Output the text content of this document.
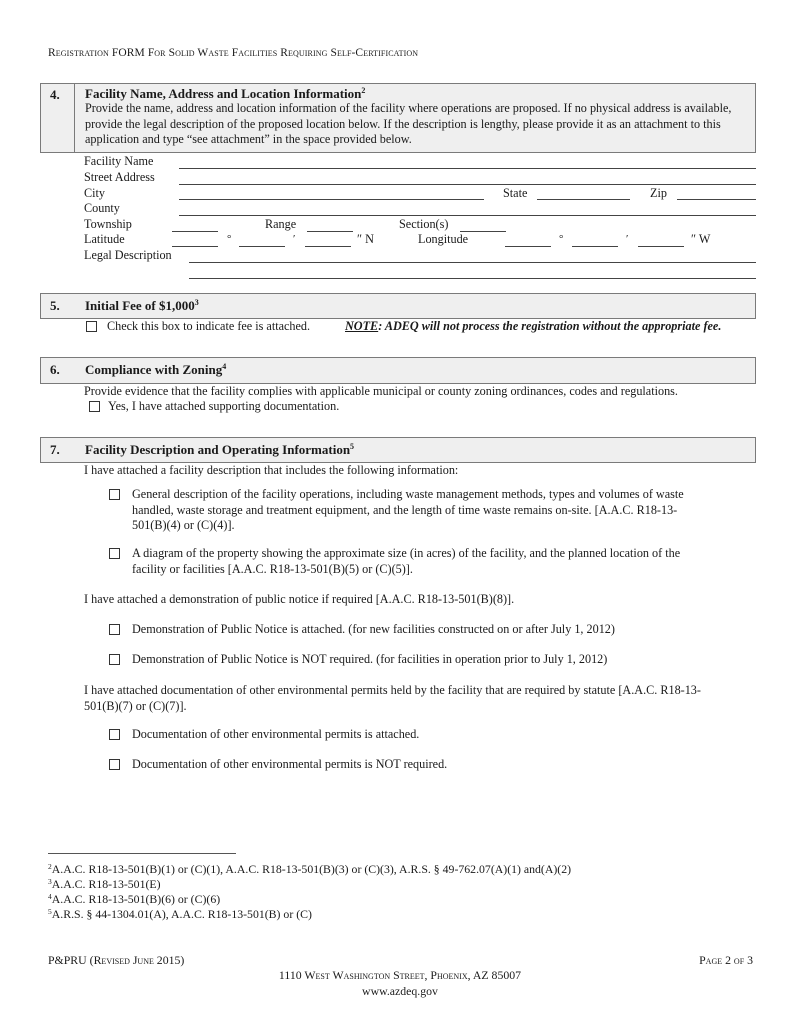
Registration FORM For Solid Waste Facilities Requiring Self-Certification
4. Facility Name, Address and Location Information$^2$
Provide the name, address and location information of the facility where operations are proposed. If no physical address is available, provide the legal description of the proposed location below. If the description is lengthy, please provide it as an attachment to this application and type “see attachment” in the space provided below.
Facility Name
Street Address
City	State	Zip
County
Township	Range	Section(s)
Latitude	°	′	″ N	Longitude	°	′	″ W
Legal Description
5. Initial Fee of $1,000$^3$
Check this box to indicate fee is attached.	NOTE: ADEQ will not process the registration without the appropriate fee.
6. Compliance with Zoning$^4$
Provide evidence that the facility complies with applicable municipal or county zoning ordinances, codes and regulations.
Yes, I have attached supporting documentation.
7. Facility Description and Operating Information$^5$
I have attached a facility description that includes the following information:
General description of the facility operations, including waste management methods, types and volumes of waste
handled, waste storage and treatment equipment, and the length of time waste remains on-site. [A.A.C. R18-13-
501(B)(4) or (C)(4)].
A diagram of the property showing the approximate size (in acres) of the facility, and the planned location of the
facility or facilities [A.A.C. R18-13-501(B)(5) or (C)(5)].
I have attached a demonstration of public notice if required [A.A.C. R18-13-501(B)(8)].
Demonstration of Public Notice is attached. (for new facilities constructed on or after July 1, 2012)
Demonstration of Public Notice is NOT required. (for facilities in operation prior to July 1, 2012)
I have attached documentation of other environmental permits held by the facility that are required by statute [A.A.C. R18-13-
501(B)(7) or (C)(7)].
Documentation of other environmental permits is attached.
Documentation of other environmental permits is NOT required.
$^2$A.A.C. R18-13-501(B)(1) or (C)(1), A.A.C. R18-13-501(B)(3) or (C)(3), A.R.S. § 49-762.07(A)(1) and(A)(2)
$^3$A.A.C. R18-13-501(E)
$^4$A.A.C. R18-13-501(B)(6) or (C)(6)
$^5$A.R.S. § 44-1304.01(A), A.A.C. R18-13-501(B) or (C)
P&PRU (Revised June 2015)	Page 2 of 3
1110 West Washington Street, Phoenix, AZ 85007
www.azdeq.gov
